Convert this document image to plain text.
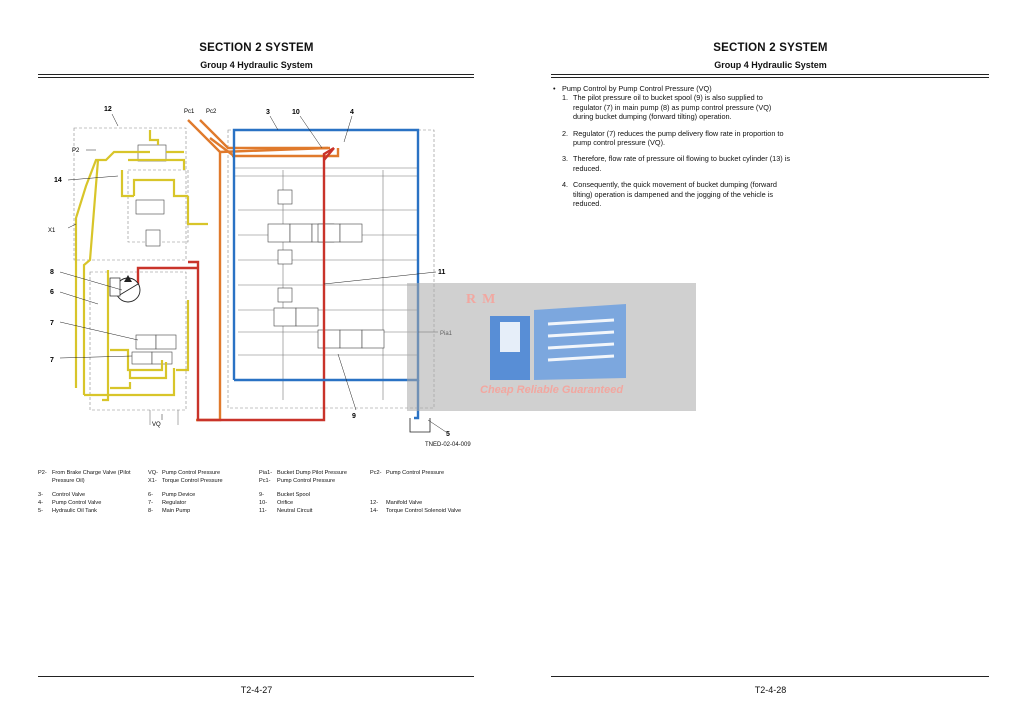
SECTION 2 SYSTEM
Group 4 Hydraulic System
12	3	10	4
14
8
6
7
7
11
9
5
P2
X1
Pc1 Pc2
VQ
TNED-02-04-009
P2- From Brake Charge Valve (Pilot Pressure Oil)
3-	Control Valve
4-	Pump Control Valve
5-	Hydraulic Oil Tank
VQ- Pump Control Pressure
X1- Torque Control Pressure
6-	Pump Device
7-	Regulator
8-	Main Pump
Pia1- Bucket Dump Pilot Pressure
Pc1-	Pump Control Pressure
9-	Bucket Spool
10-	Orifice
11-	Neutral Circuit
Pc2- Pump Control Pressure
12-	Manifold Valve
14-	Torque Control Solenoid Valve
T2-4-27
SECTION 2 SYSTEM
Group 4 Hydraulic System
• Pump Control by Pump Control Pressure (VQ)
1. The pilot pressure oil to bucket spool (9) is also supplied to regulator (7) in main pump (8) as pump control pressure (VQ) during bucket dumping (forward tilting) operation.
2. Regulator (7) reduces the pump delivery flow rate in proportion to pump control pressure (VQ).
3. Therefore, flow rate of pressure oil flowing to bucket cylinder (13) is reduced.
4. Consequently, the quick movement of bucket dumping (forward tilting) operation is dampened and the jogging of the vehicle is reduced.
T2-4-28
RM
Cheap Reliable Guaranteed
